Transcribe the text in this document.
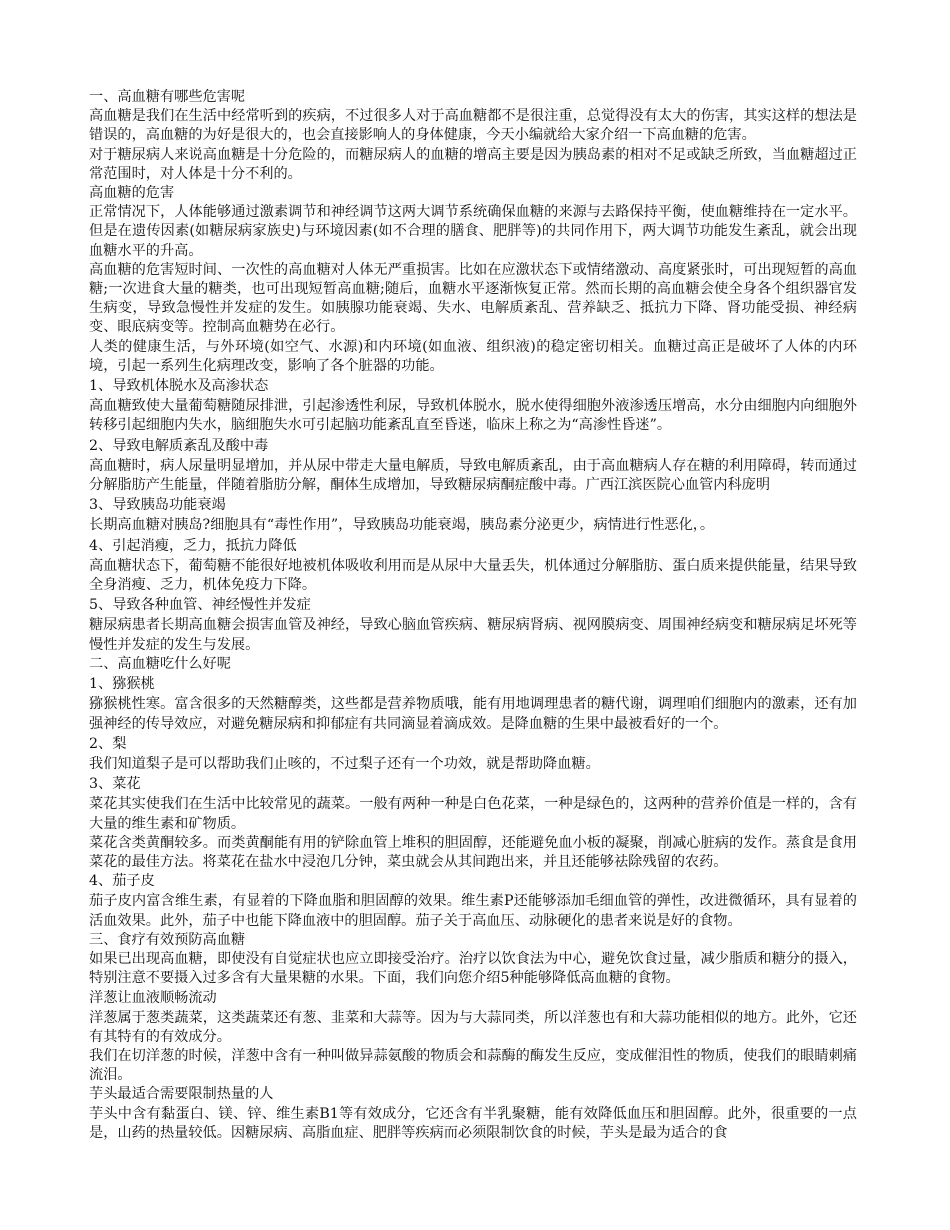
一、高血糖有哪些危害呢

高血糖是我们在生活中经常听到的疾病，不过很多人对于高血糖都不是很注重，总觉得没有太大的伤害，其实这样的想法是错误的，高血糖的为好是很大的，也会直接影响人的身体健康，今天小编就给大家介绍一下高血糖的危害。

对于糖尿病人来说高血糖是十分危险的，而糖尿病人的血糖的增高主要是因为胰岛素的相对不足或缺乏所致，当血糖超过正常范围时，对人体是十分不利的。

高血糖的危害

正常情况下，人体能够通过激素调节和神经调节这两大调节系统确保血糖的来源与去路保持平衡，使血糖维持在一定水平。但是在遗传因素(如糖尿病家族史)与环境因素(如不合理的膳食、肥胖等)的共同作用下，两大调节功能发生紊乱，就会出现血糖水平的升高。

高血糖的危害短时间、一次性的高血糖对人体无严重损害。比如在应激状态下或情绪激动、高度紧张时，可出现短暂的高血糖;一次进食大量的糖类，也可出现短暂高血糖;随后，血糖水平逐渐恢复正常。然而长期的高血糖会使全身各个组织器官发生病变，导致急慢性并发症的发生。如胰腺功能衰竭、失水、电解质紊乱、营养缺乏、抵抗力下降、肾功能受损、神经病变、眼底病变等。控制高血糖势在必行。

人类的健康生活，与外环境(如空气、水源)和内环境(如血液、组织液)的稳定密切相关。血糖过高正是破坏了人体的内环境，引起一系列生化病理改变，影响了各个脏器的功能。

1、导致机体脱水及高渗状态

高血糖致使大量葡萄糖随尿排泄，引起渗透性利尿，导致机体脱水，脱水使得细胞外液渗透压增高，水分由细胞内向细胞外转移引起细胞内失水，脑细胞失水可引起脑功能紊乱直至昏迷，临床上称之为“高渗性昏迷”。

2、导致电解质紊乱及酸中毒

高血糖时，病人尿量明显增加，并从尿中带走大量电解质，导致电解质紊乱，由于高血糖病人存在糖的利用障碍，转而通过分解脂肪产生能量，伴随着脂肪分解，酮体生成增加，导致糖尿病酮症酸中毒。广西江滨医院心血管内科庞明

3、导致胰岛功能衰竭

长期高血糖对胰岛?细胞具有“毒性作用”，导致胰岛功能衰竭，胰岛素分泌更少，病情进行性恶化，。

4、引起消瘦，乏力，抵抗力降低

高血糖状态下，葡萄糖不能很好地被机体吸收利用而是从尿中大量丢失，机体通过分解脂肪、蛋白质来提供能量，结果导致全身消瘦、乏力，机体免疫力下降。

5、导致各种血管、神经慢性并发症

糖尿病患者长期高血糖会损害血管及神经，导致心脑血管疾病、糖尿病肾病、视网膜病变、周围神经病变和糖尿病足坏死等慢性并发症的发生与发展。

二、高血糖吃什么好呢

1、猕猴桃

猕猴桃性寒。富含很多的天然糖醇类，这些都是营养物质哦，能有用地调理患者的糖代谢，调理咱们细胞内的激素，还有加强神经的传导效应，对避免糖尿病和抑郁症有共同滴显着滴成效。是降血糖的生果中最被看好的一个。

2、梨

我们知道梨子是可以帮助我们止咳的，不过梨子还有一个功效，就是帮助降血糖。

3、菜花

菜花其实使我们在生活中比较常见的蔬菜。一般有两种一种是白色花菜，一种是绿色的，这两种的营养价值是一样的，含有大量的维生素和矿物质。

菜花含类黄酮较多。而类黄酮能有用的铲除血管上堆积的胆固醇，还能避免血小板的凝聚，削减心脏病的发作。蒸食是食用菜花的最佳方法。将菜花在盐水中浸泡几分钟，菜虫就会从其间跑出来，并且还能够祛除残留的农药。

4、茄子皮

茄子皮内富含维生素，有显着的下降血脂和胆固醇的效果。维生素P还能够添加毛细血管的弹性，改进微循环，具有显着的活血效果。此外，茄子中也能下降血液中的胆固醇。茄子关于高血压、动脉硬化的患者来说是好的食物。

三、食疗有效预防高血糖

如果已出现高血糖，即使没有自觉症状也应立即接受治疗。治疗以饮食法为中心，避免饮食过量，减少脂质和糖分的摄入，特别注意不要摄入过多含有大量果糖的水果。下面，我们向您介绍5种能够降低高血糖的食物。

洋葱让血液顺畅流动

洋葱属于葱类蔬菜，这类蔬菜还有葱、韭菜和大蒜等。因为与大蒜同类，所以洋葱也有和大蒜功能相似的地方。此外，它还有其特有的有效成分。

我们在切洋葱的时候，洋葱中含有一种叫做异蒜氨酸的物质会和蒜酶的酶发生反应，变成催泪性的物质，使我们的眼睛刺痛流泪。

芋头最适合需要限制热量的人

芋头中含有黏蛋白、镁、锌、维生素B1等有效成分，它还含有半乳聚糖，能有效降低血压和胆固醇。此外，很重要的一点是，山药的热量较低。因糖尿病、高脂血症、肥胖等疾病而必须限制饮食的时候，芋头是最为适合的食
